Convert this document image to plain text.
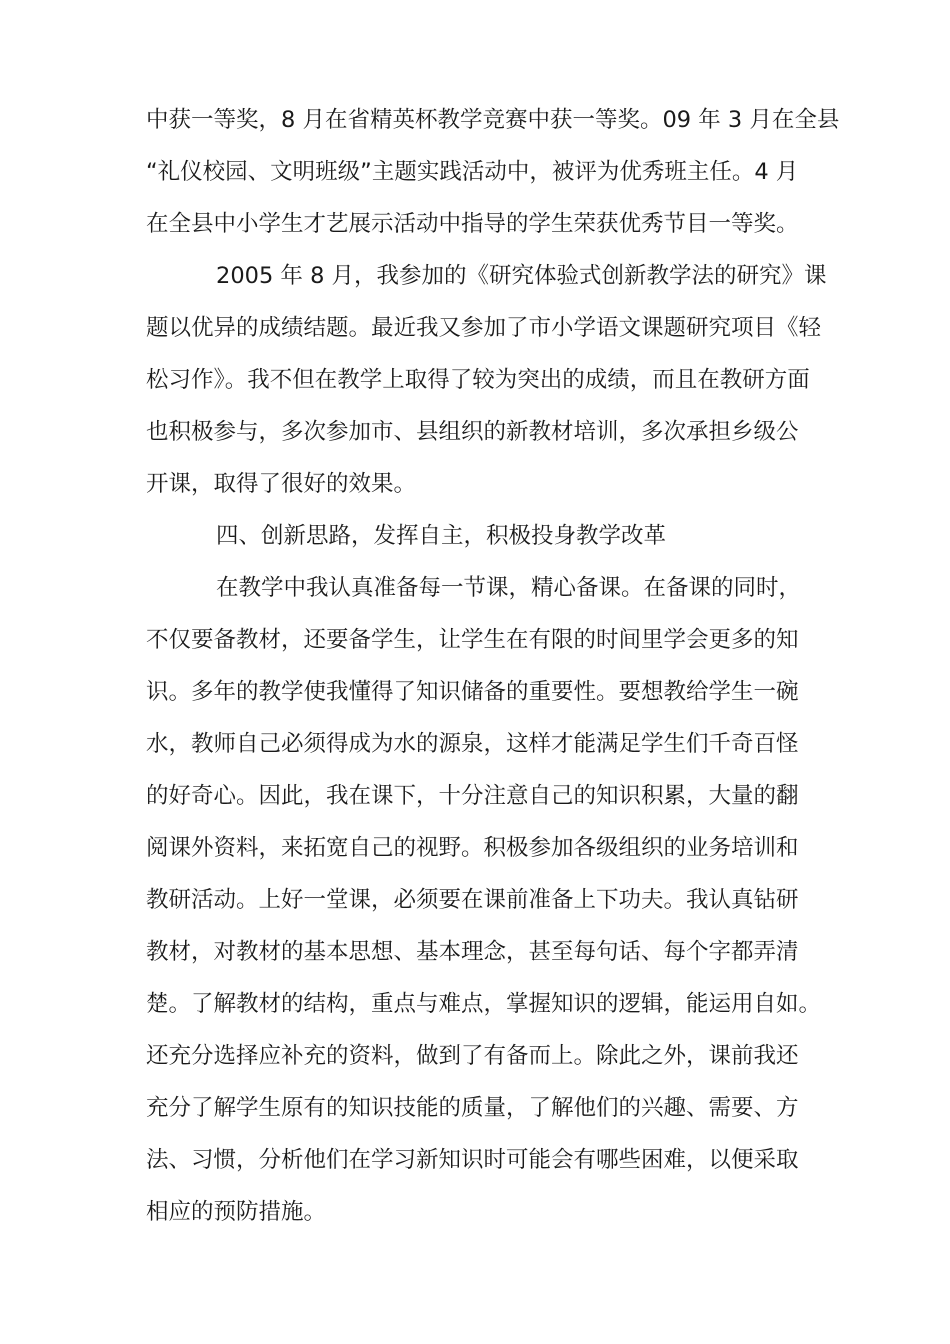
中获一等奖，8 月在省精英杯教学竞赛中获一等奖。09 年 3 月在全县

“礼仪校园、文明班级”主题实践活动中，被评为优秀班主任。4 月

在全县中小学生才艺展示活动中指导的学生荣获优秀节目一等奖。

2005 年 8 月，我参加的《研究体验式创新教学法的研究》课

题以优异的成绩结题。最近我又参加了市小学语文课题研究项目《轻

松习作》。我不但在教学上取得了较为突出的成绩，而且在教研方面

也积极参与，多次参加市、县组织的新教材培训，多次承担乡级公

开课，取得了很好的效果。

四、创新思路，发挥自主，积极投身教学改革

在教学中我认真准备每一节课，精心备课。在备课的同时，

不仅要备教材，还要备学生，让学生在有限的时间里学会更多的知

识。多年的教学使我懂得了知识储备的重要性。要想教给学生一碗

水，教师自己必须得成为水的源泉，这样才能满足学生们千奇百怪

的好奇心。因此，我在课下，十分注意自己的知识积累，大量的翻

阅课外资料，来拓宽自己的视野。积极参加各级组织的业务培训和

教研活动。上好一堂课，必须要在课前准备上下功夫。我认真钻研

教材，对教材的基本思想、基本理念，甚至每句话、每个字都弄清

楚。了解教材的结构，重点与难点，掌握知识的逻辑，能运用自如。

还充分选择应补充的资料，做到了有备而上。除此之外，课前我还

充分了解学生原有的知识技能的质量，了解他们的兴趣、需要、方

法、习惯，分析他们在学习新知识时可能会有哪些困难，以便采取

相应的预防措施。
